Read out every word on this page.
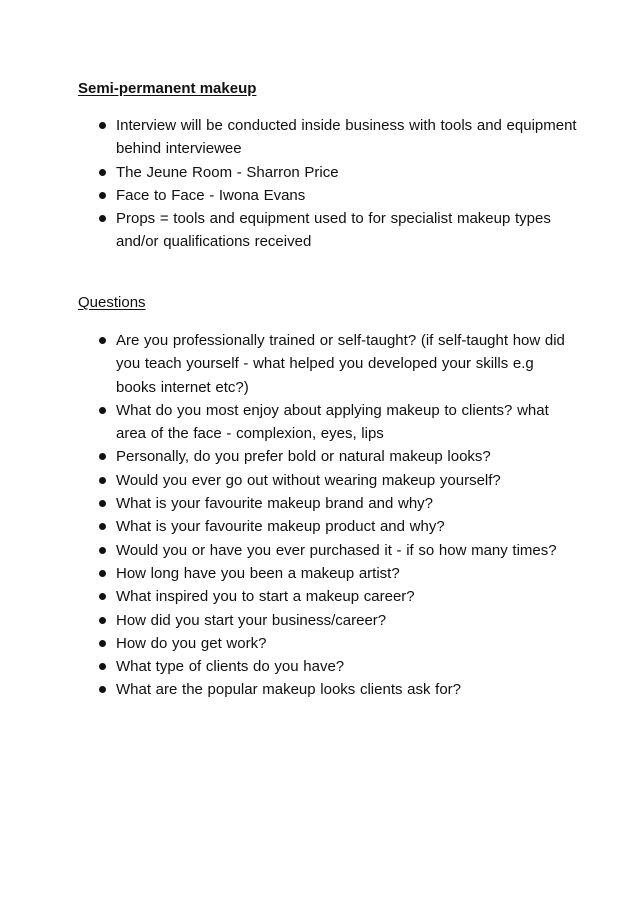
Semi-permanent makeup

Interview will be conducted inside business with tools and equipment behind interviewee
The Jeune Room - Sharron Price
Face to Face - Iwona Evans
Props = tools and equipment used to for specialist makeup types and/or qualifications received

Questions

Are you professionally trained or self-taught? (if self-taught how did you teach yourself - what helped you developed your skills e.g books internet etc?)
What do you most enjoy about applying makeup to clients? what area of the face - complexion, eyes, lips
Personally, do you prefer bold or natural makeup looks?
Would you ever go out without wearing makeup yourself?
What is your favourite makeup brand and why?
What is your favourite makeup product and why?
Would you or have you ever purchased it - if so how many times?
How long have you been a makeup artist?
What inspired you to start a makeup career?
How did you start your business/career?
How do you get work?
What type of clients do you have?
What are the popular makeup looks clients ask for?
